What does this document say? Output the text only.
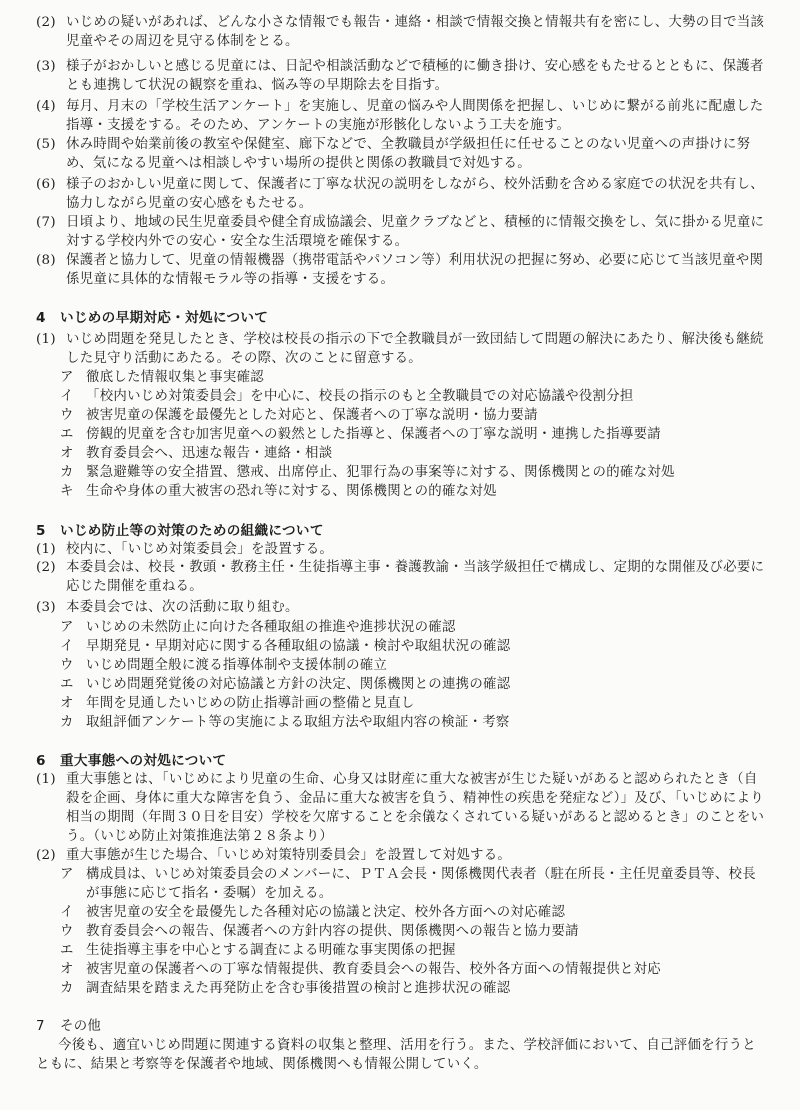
(2) いじめの疑いがあれば、どんな小さな情報でも報告・連絡・相談で情報交換と情報共有を密にし、大勢の目で当該児童やその周辺を見守る体制をとる。
(3) 様子がおかしいと感じる児童には、日記や相談活動などで積極的に働き掛け、安心感をもたせるとともに、保護者とも連携して状況の観察を重ね、悩み等の早期除去を目指す。
(4) 毎月、月末の「学校生活アンケート」を実施し、児童の悩みや人間関係を把握し、いじめに繋がる前兆に配慮した指導・支援をする。そのため、アンケートの実施が形骸化しないよう工夫を施す。
(5) 休み時間や始業前後の教室や保健室、廊下などで、全教職員が学級担任に任せることのない児童への声掛けに努め、気になる児童へは相談しやすい場所の提供と関係の教職員で対処する。
(6) 様子のおかしい児童に関して、保護者に丁寧な状況の説明をしながら、校外活動を含める家庭での状況を共有し、協力しながら児童の安心感をもたせる。
(7) 日頃より、地域の民生児童委員や健全育成協議会、児童クラブなどと、積極的に情報交換をし、気に掛かる児童に対する学校内外での安心・安全な生活環境を確保する。
(8) 保護者と協力して、児童の情報機器（携帯電話やパソコン等）利用状況の把握に努め、必要に応じて当該児童や関係児童に具体的な情報モラル等の指導・支援をする。
4 いじめの早期対応・対処について
(1) いじめ問題を発見したとき、学校は校長の指示の下で全教職員が一致団結して問題の解決にあたり、解決後も継続した見守り活動にあたる。その際、次のことに留意する。
ア 徹底した情報収集と事実確認
イ 「校内いじめ対策委員会」を中心に、校長の指示のもと全教職員での対応協議や役割分担
ウ 被害児童の保護を最優先とした対応と、保護者への丁寧な説明・協力要請
エ 傍観的児童を含む加害児童への毅然とした指導と、保護者への丁寧な説明・連携した指導要請
オ 教育委員会へ、迅速な報告・連絡・相談
カ 緊急避難等の安全措置、懲戒、出席停止、犯罪行為の事案等に対する、関係機関との的確な対処
キ 生命や身体の重大被害の恐れ等に対する、関係機関との的確な対処
5 いじめ防止等の対策のための組織について
(1) 校内に、「いじめ対策委員会」を設置する。
(2) 本委員会は、校長・教頭・教務主任・生徒指導主事・養護教諭・当該学級担任で構成し、定期的な開催及び必要に応じた開催を重ねる。
(3) 本委員会では、次の活動に取り組む。
ア いじめの未然防止に向けた各種取組の推進や進捗状況の確認
イ 早期発見・早期対応に関する各種取組の協議・検討や取組状況の確認
ウ いじめ問題全般に渡る指導体制や支援体制の確立
エ いじめ問題発覚後の対応協議と方針の決定、関係機関との連携の確認
オ 年間を見通したいじめの防止指導計画の整備と見直し
カ 取組評価アンケート等の実施による取組方法や取組内容の検証・考察
6 重大事態への対処について
(1) 重大事態とは、「いじめにより児童の生命、心身又は財産に重大な被害が生じた疑いがあると認められたとき（自殺を企画、身体に重大な障害を負う、金品に重大な被害を負う、精神性の疾患を発症など）」及び、「いじめにより相当の期間（年間３０日を目安）学校を欠席することを余儀なくされている疑いがあると認めるとき」のことをいう。（いじめ防止対策推進法第２８条より）
(2) 重大事態が生じた場合、「いじめ対策特別委員会」を設置して対処する。
ア 構成員は、いじめ対策委員会のメンバーに、ＰＴＡ会長・関係機関代表者（駐在所長・主任児童委員等、校長が事態に応じて指名・委嘱）を加える。
イ 被害児童の安全を最優先した各種対応の協議と決定、校外各方面への対応確認
ウ 教育委員会への報告、保護者への方針内容の提供、関係機関への報告と協力要請
エ 生徒指導主事を中心とする調査による明確な事実関係の把握
オ 被害児童の保護者への丁寧な情報提供、教育委員会への報告、校外各方面への情報提供と対応
カ 調査結果を踏まえた再発防止を含む事後措置の検討と進捗状況の確認
7 その他
今後も、適宜いじめ問題に関連する資料の収集と整理、活用を行う。また、学校評価において、自己評価を行うとともに、結果と考察等を保護者や地域、関係機関へも情報公開していく。
